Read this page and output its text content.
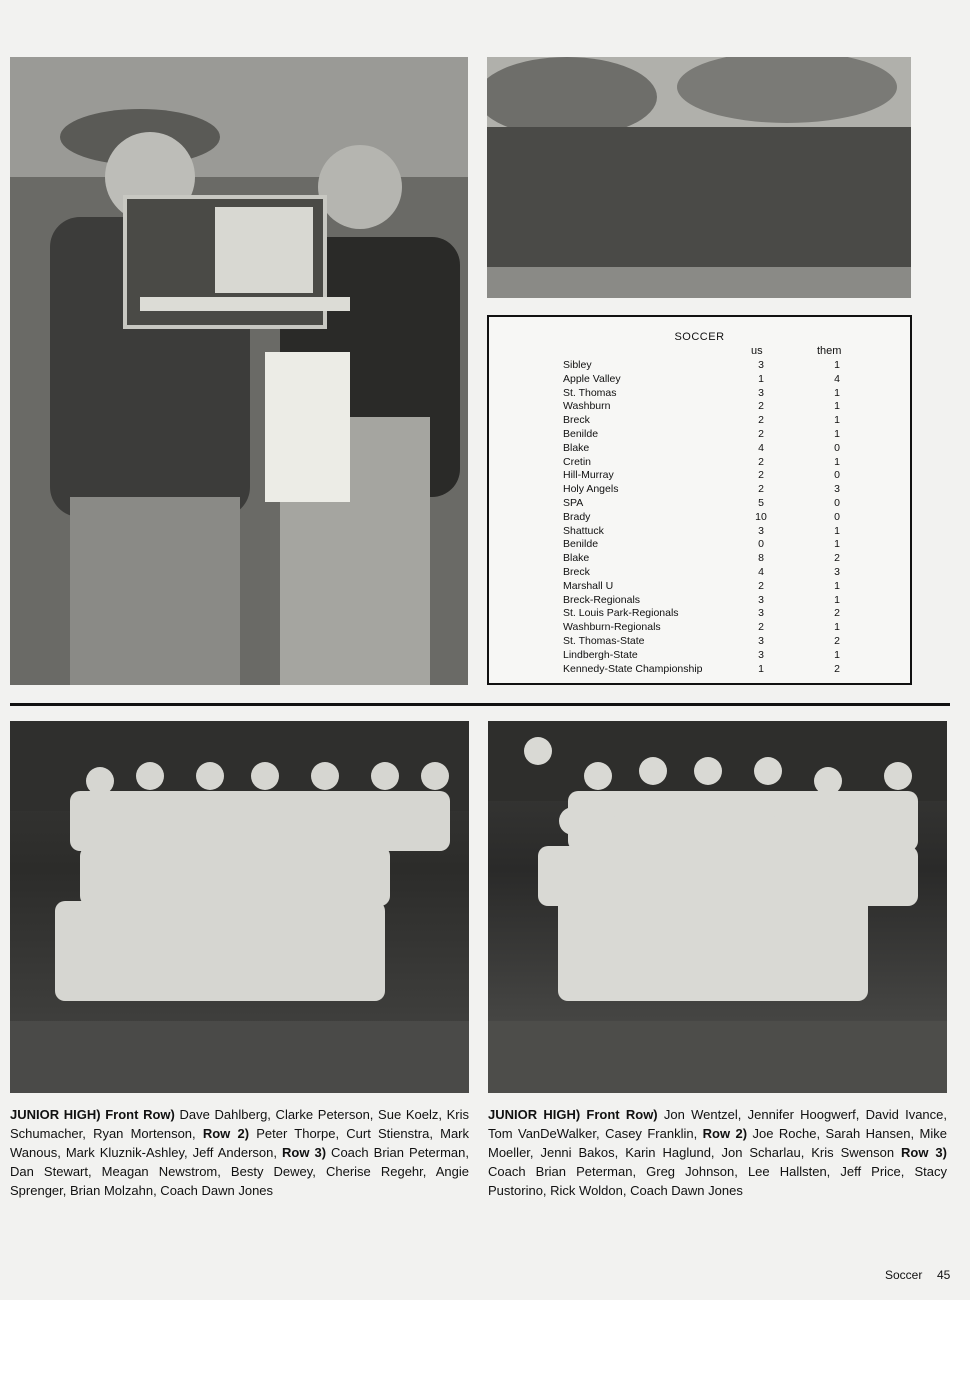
SOCCER
us	them
Sibley	3	1
Apple Valley	1	4
St. Thomas	3	1
Washburn	2	1
Breck	2	1
Benilde	2	1
Blake	4	0
Cretin	2	1
Hill-Murray	2	0
Holy Angels	2	3
SPA	5	0
Brady	10	0
Shattuck	3	1
Benilde	0	1
Blake	8	2
Breck	4	3
Marshall U	2	1
Breck-Regionals	3	1
St. Louis Park-Regionals	3	2
Washburn-Regionals	2	1
St. Thomas-State	3	2
Lindbergh-State	3	1
Kennedy-State Championship	1	2
JUNIOR HIGH) Front Row) Dave Dahlberg, Clarke Peterson, Sue Koelz, Kris Schumacher, Ryan Mortenson, Row 2) Peter Thorpe, Curt Stienstra, Mark Wanous, Mark Kluznik-Ashley, Jeff Anderson, Row 3) Coach Brian Peterman, Dan Stewart, Meagan Newstrom, Besty Dewey, Cherise Regehr, Angie Sprenger, Brian Molzahn, Coach Dawn Jones
JUNIOR HIGH) Front Row) Jon Wentzel, Jennifer Hoogwerf, David Ivance, Tom VanDeWalker, Casey Franklin, Row 2) Joe Roche, Sarah Hansen, Mike Moeller, Jenni Bakos, Karin Haglund, Jon Scharlau, Kris Swenson Row 3) Coach Brian Peterman, Greg Johnson, Lee Hallsten, Jeff Price, Stacy Pustorino, Rick Woldon, Coach Dawn Jones
Soccer 45
